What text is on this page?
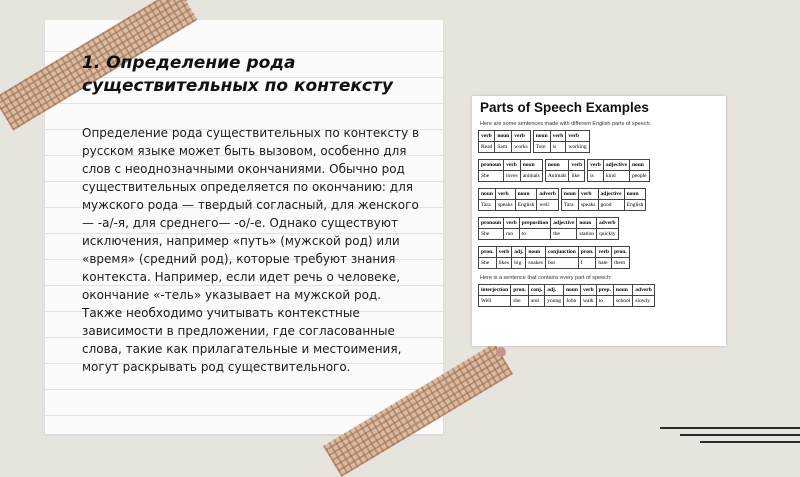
1. Определение рода существительных по контексту

Определение рода существительных по контексту в русском языке может быть вызовом, особенно для слов с неоднозначными окончаниями. Обычно род существительных определяется по окончанию: для мужского рода — твердый согласный, для женского— -а/-я, для среднего— -о/-е. Однако существуют исключения, например «путь» (мужской род) или «время» (средний род), которые требуют знания контекста. Например, если идет речь о человеке, окончание «-тель» указывает на мужской род. Также необходимо учитывать контекстные зависимости в предложении, где согласованные слова, такие как прилагательные и местоимения, могут раскрывать род существительного.

Parts of Speech Examples
Here are some sentences made with different English parts of speech:
verb	noun	verb
Read	Sam	works
noun	verb	verb
Tom	is	working
pronoun	verb	noun
She	loves	animals
noun	verb
Animals	like
verb	adjective	noun
is	kind	people
noun	verb	noun	adverb
Tara	speaks	English	well
noun	verb	adjective	noun
Tara	speaks	good	English
pronoun	verb	preposition	adjective	noun	adverb
She	ran	to	the	station	quickly
pron.	verb	adj.	noun	conjunction	pron.	verb	pron.
She	likes	big	snakes	but	I	hate	them
Here is a sentence that contains every part of speech:
interjection	pron.	conj.	adj.	noun	verb	prep.	noun	adverb
Well	she	and	young	John	walk	to	school	slowly
